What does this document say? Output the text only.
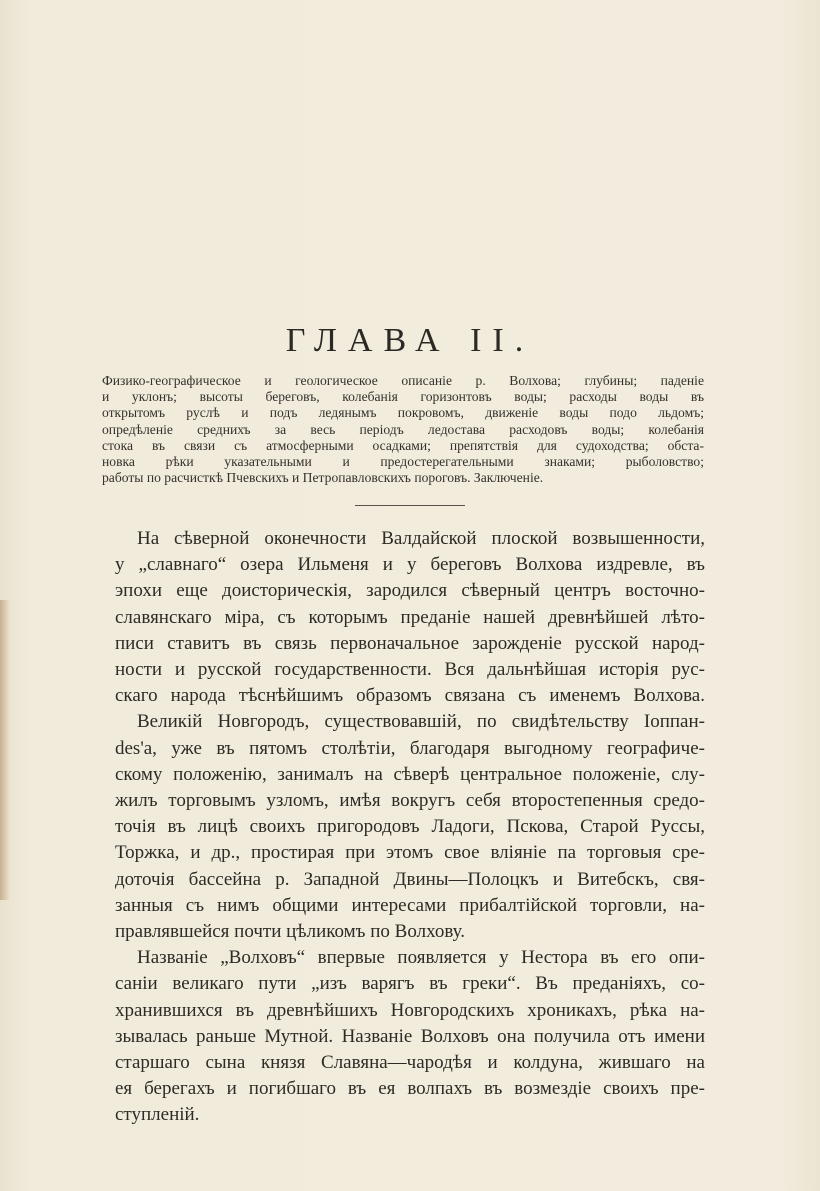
ГЛАВА II.
Физико-географическое и геологическое описанiе р. Волхова; глубины; паденiе
и уклонъ; высоты береговъ, колебанiя горизонтовъ воды; расходы воды въ
открытомъ руслѣ и подъ ледянымъ покровомъ, движенiе воды подо льдомъ;
опредѣленiе среднихъ за весь перiодъ ледостава расходовъ воды; колебанiя
стока въ связи съ атмосферными осадками; препятствiя для судоходства; обста-
новка рѣки указательными и предостерегательными знаками; рыболовство;
работы по расчисткѣ Пчевскихъ и Петропавловскихъ пороговъ. Заключенiе.
На сѣверной оконечности Валдайской плоской возвышенности,
у „славнаго“ озера Ильменя и у береговъ Волхова издревле, въ
эпохи еще доисторическiя, зародился сѣверный центръ восточно-
славянскаго мiра, съ которымъ преданiе нашей древнѣйшей лѣто-
писи ставитъ въ связь первоначальное зарожденiе русской народ-
ности и русской государственности. Вся дальнѣйшая исторiя рус-
скаго народа тѣснѣйшимъ образомъ связана съ именемъ Волхова.
Великiй Новгородъ, существовавшiй, по свидѣтельству Iоппан-
des'а, уже въ пятомъ столѣтiи, благодаря выгодному географиче-
скому положенiю, занималъ на сѣверѣ центральное положенiе, слу-
жилъ торговымъ узломъ, имѣя вокругъ себя второстепенныя средо-
точiя въ лицѣ своихъ пригородовъ Ладоги, Пскова, Старой Руссы,
Торжка, и др., простирая при этомъ свое влiянiе па торговыя сре-
доточiя бассейна р. Западной Двины—Полоцкъ и Витебскъ, свя-
занныя съ нимъ общими интересами прибалтiйской торговли, на-
правлявшейся почти цѣликомъ по Волхову.
Названiе „Волховъ“ впервые появляется у Нестора въ его опи-
санiи великаго пути „изъ варягъ въ греки“. Въ преданiяхъ, со-
хранившихся въ древнѣйшихъ Новгородскихъ хроникахъ, рѣка на-
зывалась раньше Мутной. Названiе Волховъ она получила отъ имени
старшаго сына князя Славяна—чародѣя и колдуна, жившаго на
ея берегахъ и погибшаго въ ея волпахъ въ возмездiе своихъ пре-
ступленiй.
